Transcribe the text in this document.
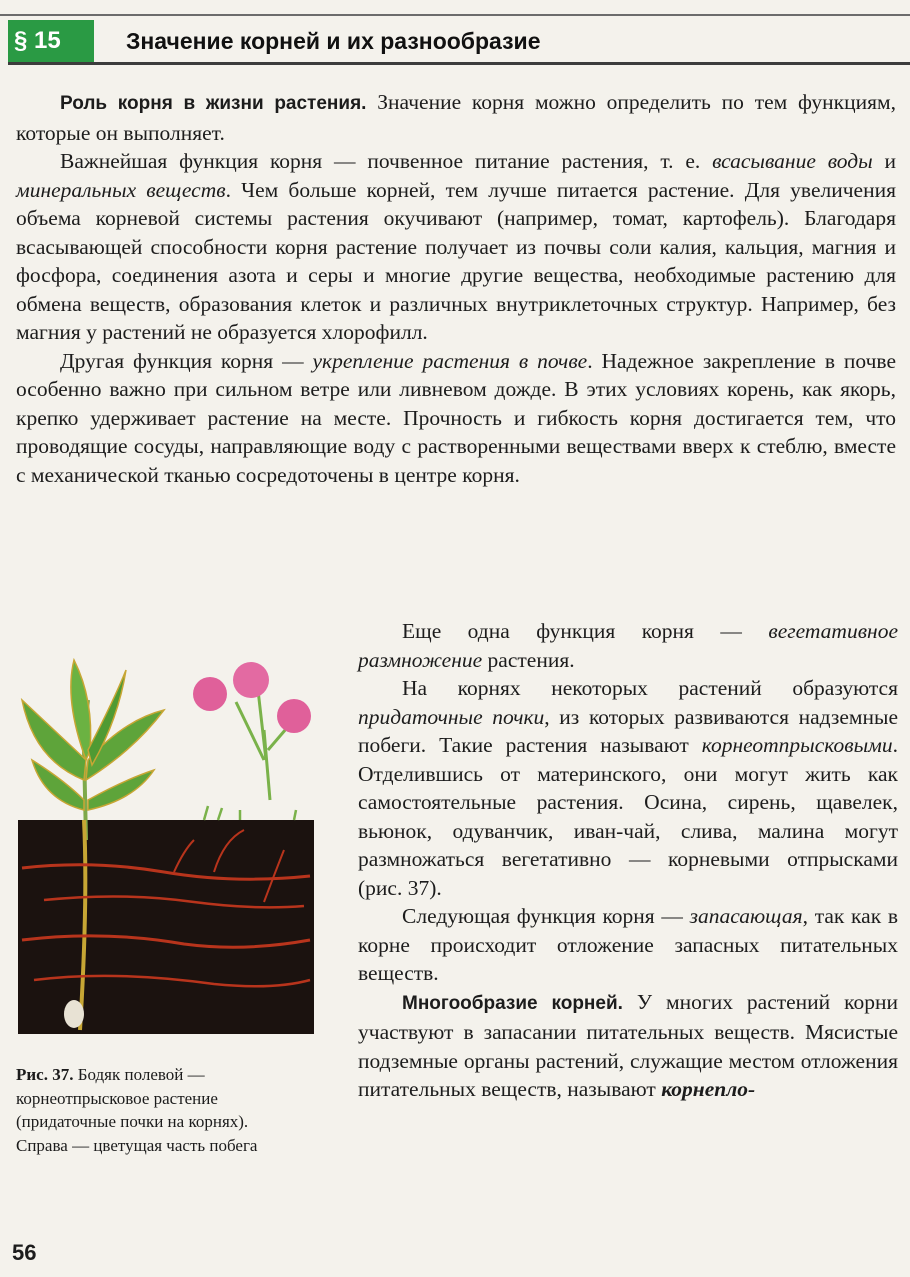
§ 15	Значение корней и их разнообразие

Роль корня в жизни растения. Значение корня можно определить по тем функциям, которые он выполняет.

Важнейшая функция корня — почвенное питание растения, т. е. всасывание воды и минеральных веществ. Чем больше корней, тем лучше питается растение. Для увеличения объема корневой системы растения окучивают (например, томат, картофель). Благодаря всасывающей способности корня растение получает из почвы соли калия, кальция, магния и фосфора, соединения азота и серы и многие другие вещества, необходимые растению для обмена веществ, образования клеток и различных внутриклеточных структур. Например, без магния у растений не образуется хлорофилл.

Другая функция корня — укрепление растения в почве. Надежное закрепление в почве особенно важно при сильном ветре или ливневом дожде. В этих условиях корень, как якорь, крепко удерживает растение на месте. Прочность и гибкость корня достигается тем, что проводящие сосуды, направляющие воду с растворенными веществами вверх к стеблю, вместе с механической тканью сосредоточены в центре корня.

Еще одна функция корня — вегетативное размножение растения.

На корнях некоторых растений образуются придаточные почки, из которых развиваются надземные побеги. Такие растения называют корнеотпрысковыми. Отделившись от материнского, они могут жить как самостоятельные растения. Осина, сирень, щавелек, вьюнок, одуванчик, иван-чай, слива, малина могут размножаться вегетативно — корневыми отпрысками (рис. 37).

Следующая функция корня — запасающая, так как в корне происходит отложение запасных питательных веществ.

Многообразие корней. У многих растений корни участвуют в запасании питательных веществ. Мясистые подземные органы растений, служащие местом отложения питательных веществ, называют корнепло-

Рис. 37. Бодяк полевой — корнеотпрысковое растение (придаточные почки на корнях). Справа — цветущая часть побега
56
